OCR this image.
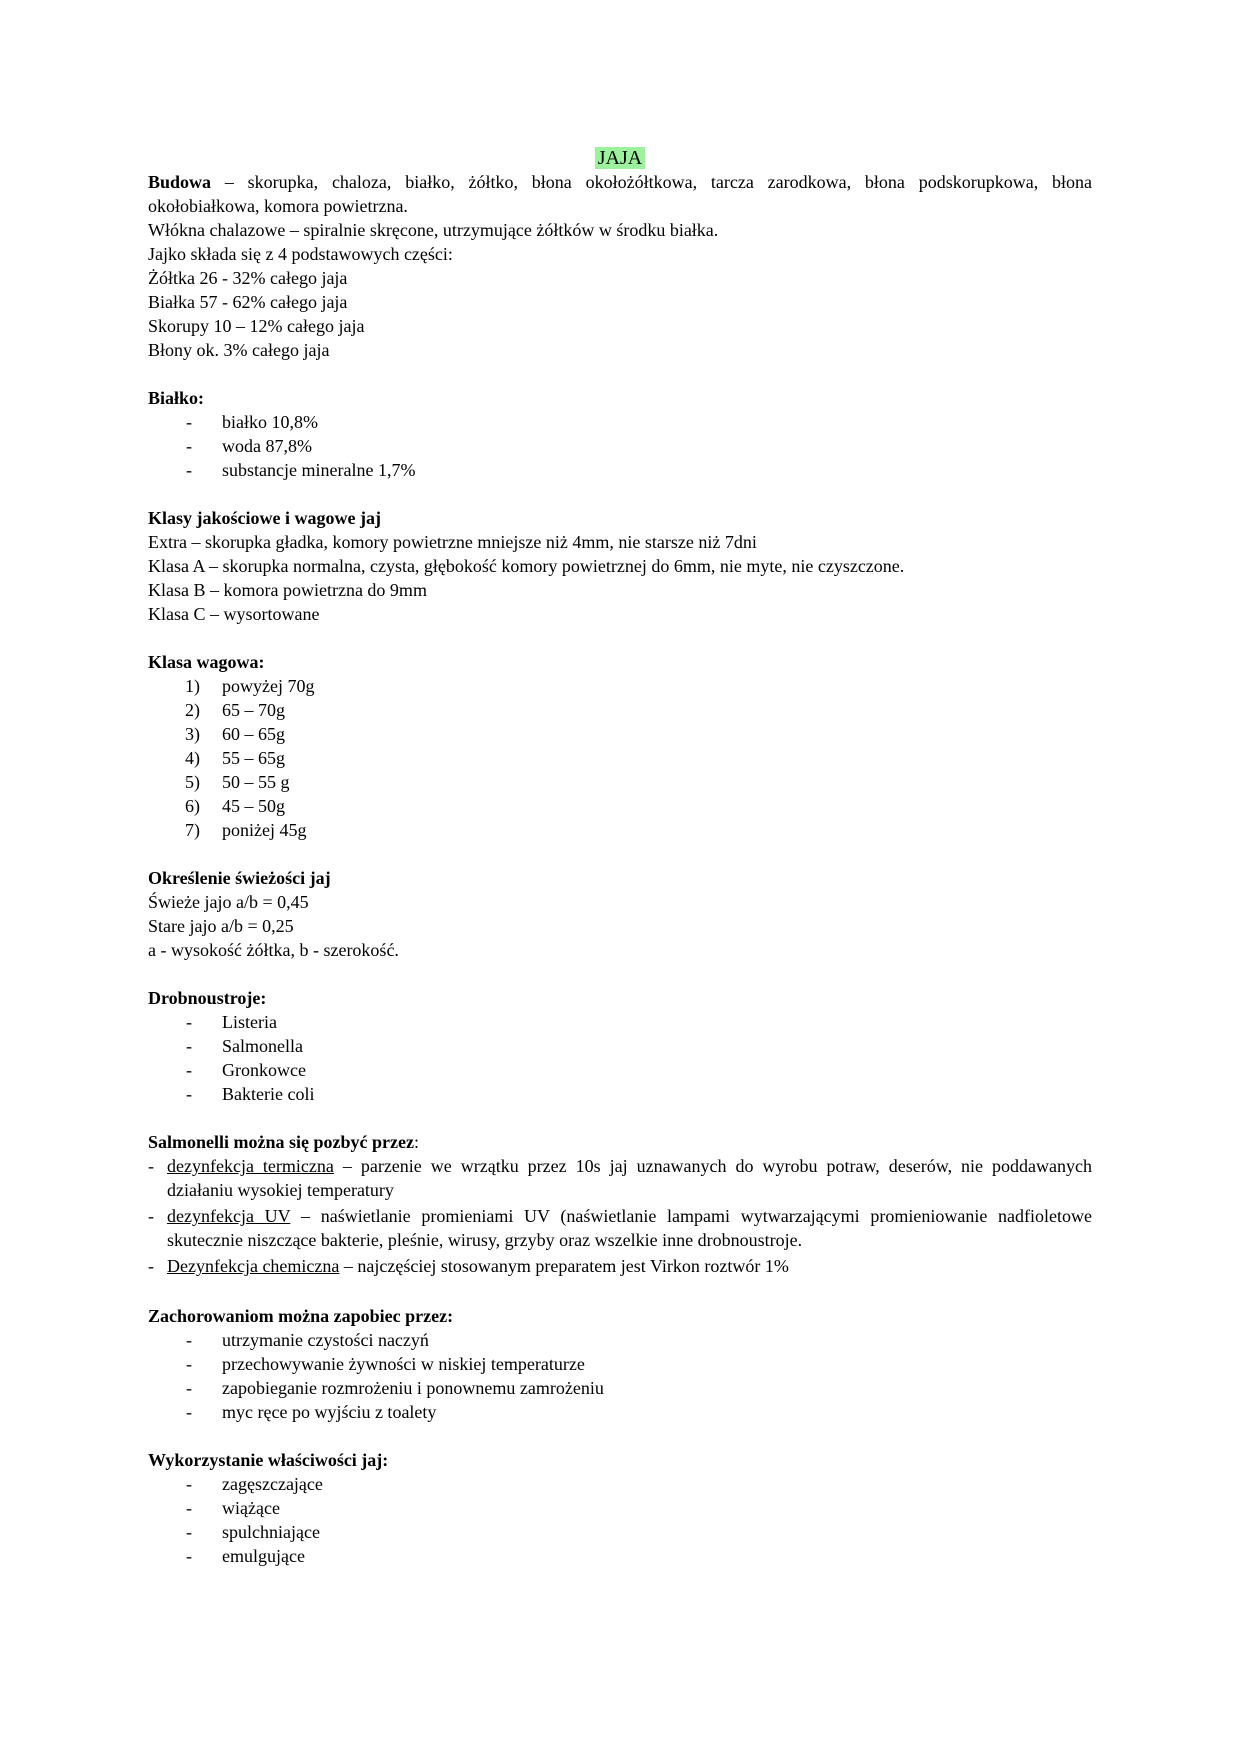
JAJA

Budowa – skorupka, chaloza, białko, żółtko, błona okołożółtkowa, tarcza zarodkowa, błona podskorupkowa, błona okołobiałkowa, komora powietrzna.

Włókna chalazowe – spiralnie skręcone, utrzymujące żółtków w środku białka.

Jajko składa się z 4 podstawowych części:

Żółtka 26 - 32% całego jaja

Białka 57 - 62% całego jaja

Skorupy 10 – 12% całego jaja

Błony ok. 3% całego jaja

Białko:

- białko 10,8%
- woda 87,8%
- substancje mineralne 1,7%

Klasy jakościowe i wagowe jaj

Extra – skorupka gładka, komory powietrzne mniejsze niż 4mm, nie starsze niż 7dni

Klasa A – skorupka normalna, czysta, głębokość komory powietrznej do 6mm, nie myte, nie czyszczone.

Klasa B – komora powietrzna do 9mm

Klasa C – wysortowane

Klasa wagowa:

1) powyżej 70g
2) 65 – 70g
3) 60 – 65g
4) 55 – 65g
5) 50 – 55 g
6) 45 – 50g
7) poniżej 45g

Określenie świeżości jaj

Świeże jajo a/b = 0,45

Stare jajo a/b = 0,25

a - wysokość żółtka, b - szerokość.

Drobnoustroje:

- Listeria
- Salmonella
- Gronkowce
- Bakterie coli

Salmonelli można się pozbyć przez:

- dezynfekcja termiczna – parzenie we wrzątku przez 10s jaj uznawanych do wyrobu potraw, deserów, nie poddawanych działaniu wysokiej temperatury
- dezynfekcja UV – naświetlanie promieniami UV (naświetlanie lampami wytwarzającymi promieniowanie nadfioletowe skutecznie niszczące bakterie, pleśnie, wirusy, grzyby oraz wszelkie inne drobnoustroje.
- Dezynfekcja chemiczna – najczęściej stosowanym preparatem jest Virkon roztwór 1%

Zachorowaniom można zapobiec przez:

- utrzymanie czystości naczyń
- przechowywanie żywności w niskiej temperaturze
- zapobieganie rozmrożeniu i ponownemu zamrożeniu
- myc ręce po wyjściu z toalety

Wykorzystanie właściwości jaj:

- zagęszczające
- wiążące
- spulchniające
- emulgujące
